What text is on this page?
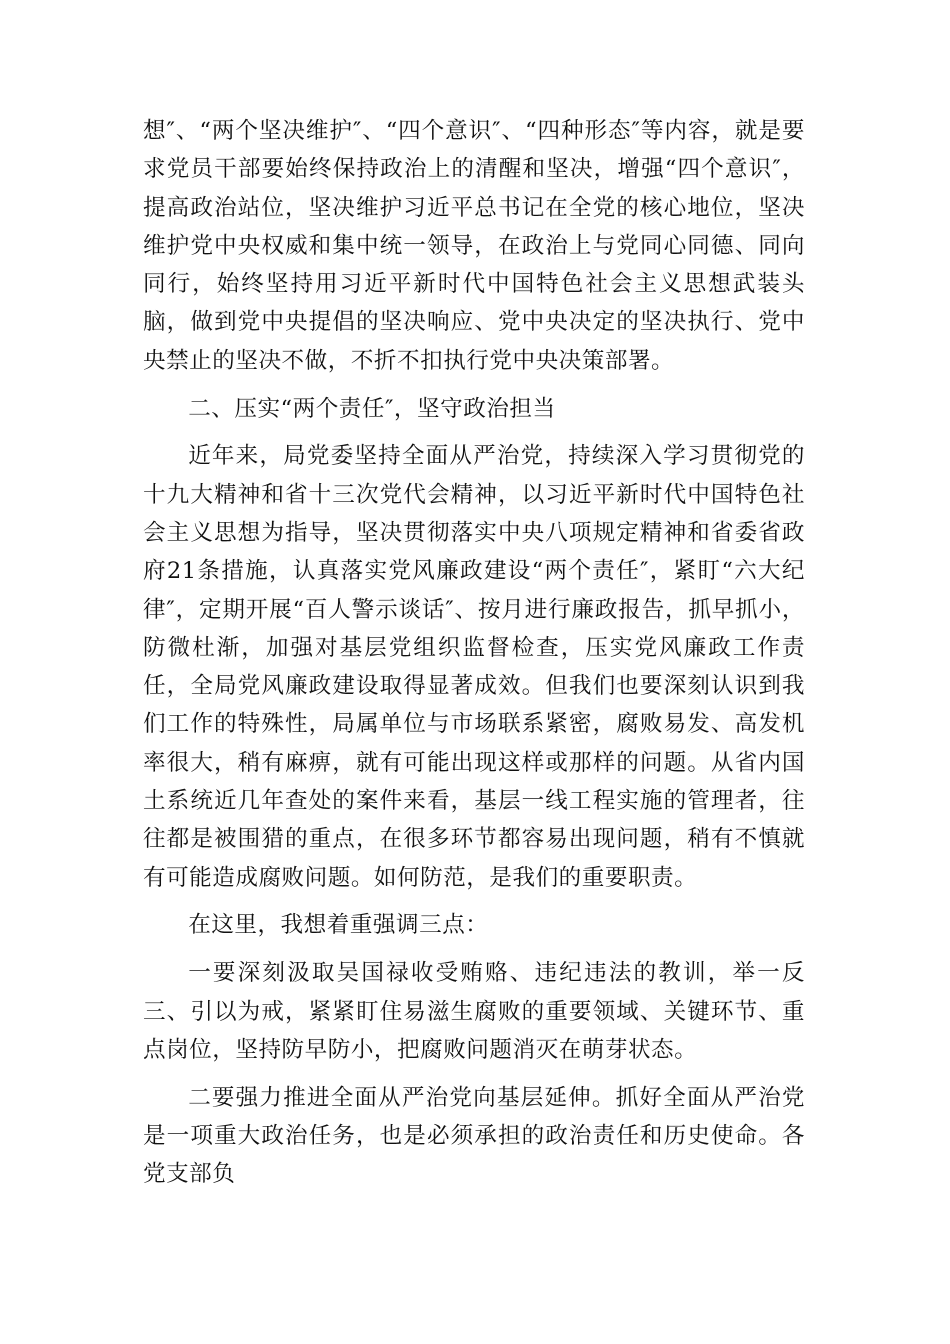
想″、“两个坚决维护″、“四个意识″、“四种形态″等内容，就是要求党员干部要始终保持政治上的清醒和坚决，增强“四个意识″，提高政治站位，坚决维护习近平总书记在全党的核心地位，坚决维护党中央权威和集中统一领导，在政治上与党同心同德、同向同行，始终坚持用习近平新时代中国特色社会主义思想武装头脑，做到党中央提倡的坚决响应、党中央决定的坚决执行、党中央禁止的坚决不做，不折不扣执行党中央决策部署。

二、压实“两个责任″，坚守政治担当

近年来，局党委坚持全面从严治党，持续深入学习贯彻党的十九大精神和省十三次党代会精神，以习近平新时代中国特色社会主义思想为指导，坚决贯彻落实中央八项规定精神和省委省政府21条措施，认真落实党风廉政建设“两个责任″，紧盯“六大纪律″，定期开展“百人警示谈话″、按月进行廉政报告，抓早抓小，防微杜渐，加强对基层党组织监督检查，压实党风廉政工作责任，全局党风廉政建设取得显著成效。但我们也要深刻认识到我们工作的特殊性，局属单位与市场联系紧密，腐败易发、高发机率很大，稍有麻痹，就有可能出现这样或那样的问题。从省内国土系统近几年查处的案件来看，基层一线工程实施的管理者，往往都是被围猎的重点，在很多环节都容易出现问题，稍有不慎就有可能造成腐败问题。如何防范，是我们的重要职责。

在这里，我想着重强调三点：

一要深刻汲取吴国禄收受贿赂、违纪违法的教训，举一反三、引以为戒，紧紧盯住易滋生腐败的重要领域、关键环节、重点岗位，坚持防早防小，把腐败问题消灭在萌芽状态。

二要强力推进全面从严治党向基层延伸。抓好全面从严治党是一项重大政治任务，也是必须承担的政治责任和历史使命。各党支部负
